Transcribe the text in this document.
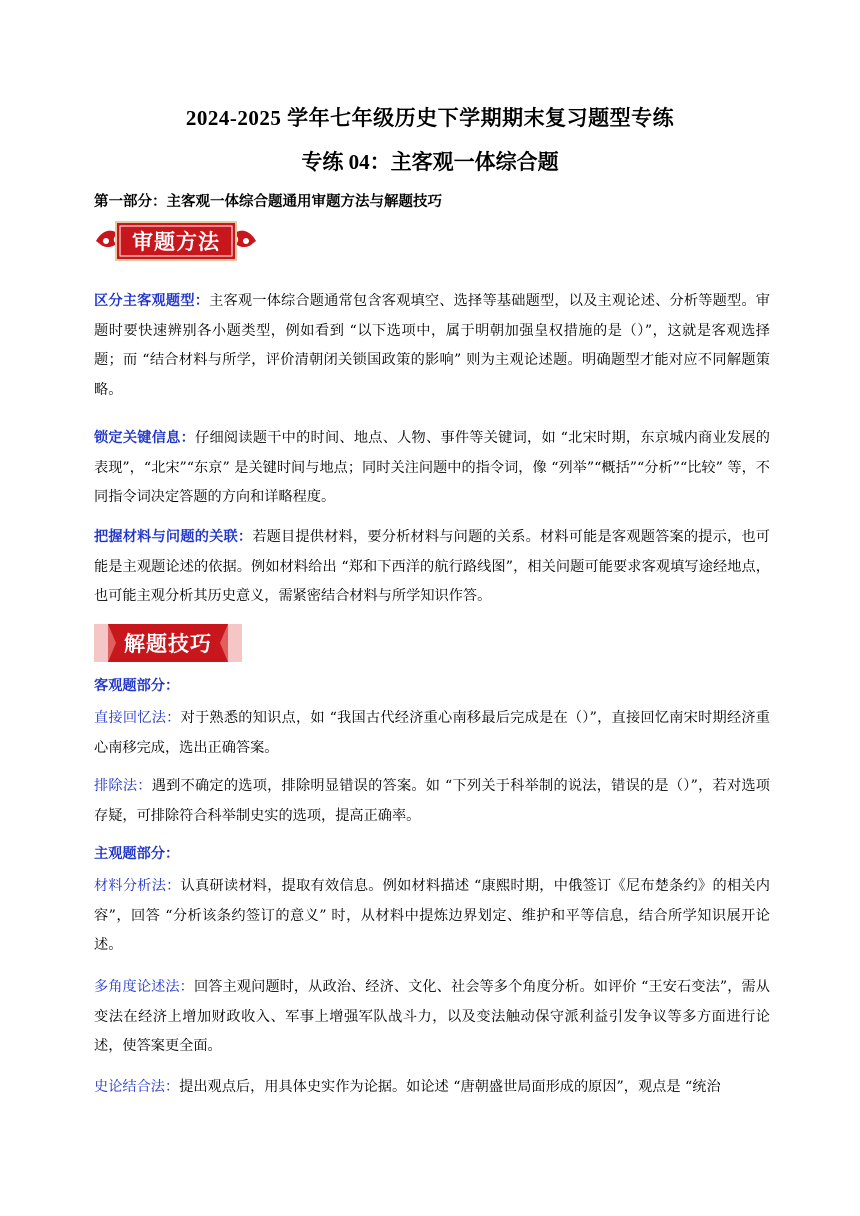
2024-2025 学年七年级历史下学期期末复习题型专练
专练 04：主客观一体综合题
第一部分：主客观一体综合题通用审题方法与解题技巧
审题方法
区分主客观题型：主客观一体综合题通常包含客观填空、选择等基础题型，以及主观论述、分析等题型。审题时要快速辨别各小题类型，例如看到 “以下选项中，属于明朝加强皇权措施的是（）”，这就是客观选择题；而 “结合材料与所学，评价清朝闭关锁国政策的影响” 则为主观论述题。明确题型才能对应不同解题策略。
锁定关键信息：仔细阅读题干中的时间、地点、人物、事件等关键词，如 “北宋时期，东京城内商业发展的表现”，“北宋”“东京” 是关键时间与地点；同时关注问题中的指令词，像 “列举”“概括”“分析”“比较” 等，不同指令词决定答题的方向和详略程度。
把握材料与问题的关联：若题目提供材料，要分析材料与问题的关系。材料可能是客观题答案的提示，也可能是主观题论述的依据。例如材料给出 “郑和下西洋的航行路线图”，相关问题可能要求客观填写途经地点，也可能主观分析其历史意义，需紧密结合材料与所学知识作答。
解题技巧
客观题部分：
直接回忆法：对于熟悉的知识点，如 “我国古代经济重心南移最后完成是在（）”，直接回忆南宋时期经济重心南移完成，选出正确答案。
排除法：遇到不确定的选项，排除明显错误的答案。如 “下列关于科举制的说法，错误的是（）”，若对选项存疑，可排除符合科举制史实的选项，提高正确率。
主观题部分：
材料分析法：认真研读材料，提取有效信息。例如材料描述 “康熙时期，中俄签订《尼布楚条约》的相关内容”，回答 “分析该条约签订的意义” 时，从材料中提炼边界划定、维护和平等信息，结合所学知识展开论述。
多角度论述法：回答主观问题时，从政治、经济、文化、社会等多个角度分析。如评价 “王安石变法”，需从变法在经济上增加财政收入、军事上增强军队战斗力，以及变法触动保守派利益引发争议等多方面进行论述，使答案更全面。
史论结合法：提出观点后，用具体史实作为论据。如论述 “唐朝盛世局面形成的原因”，观点是 “统治
